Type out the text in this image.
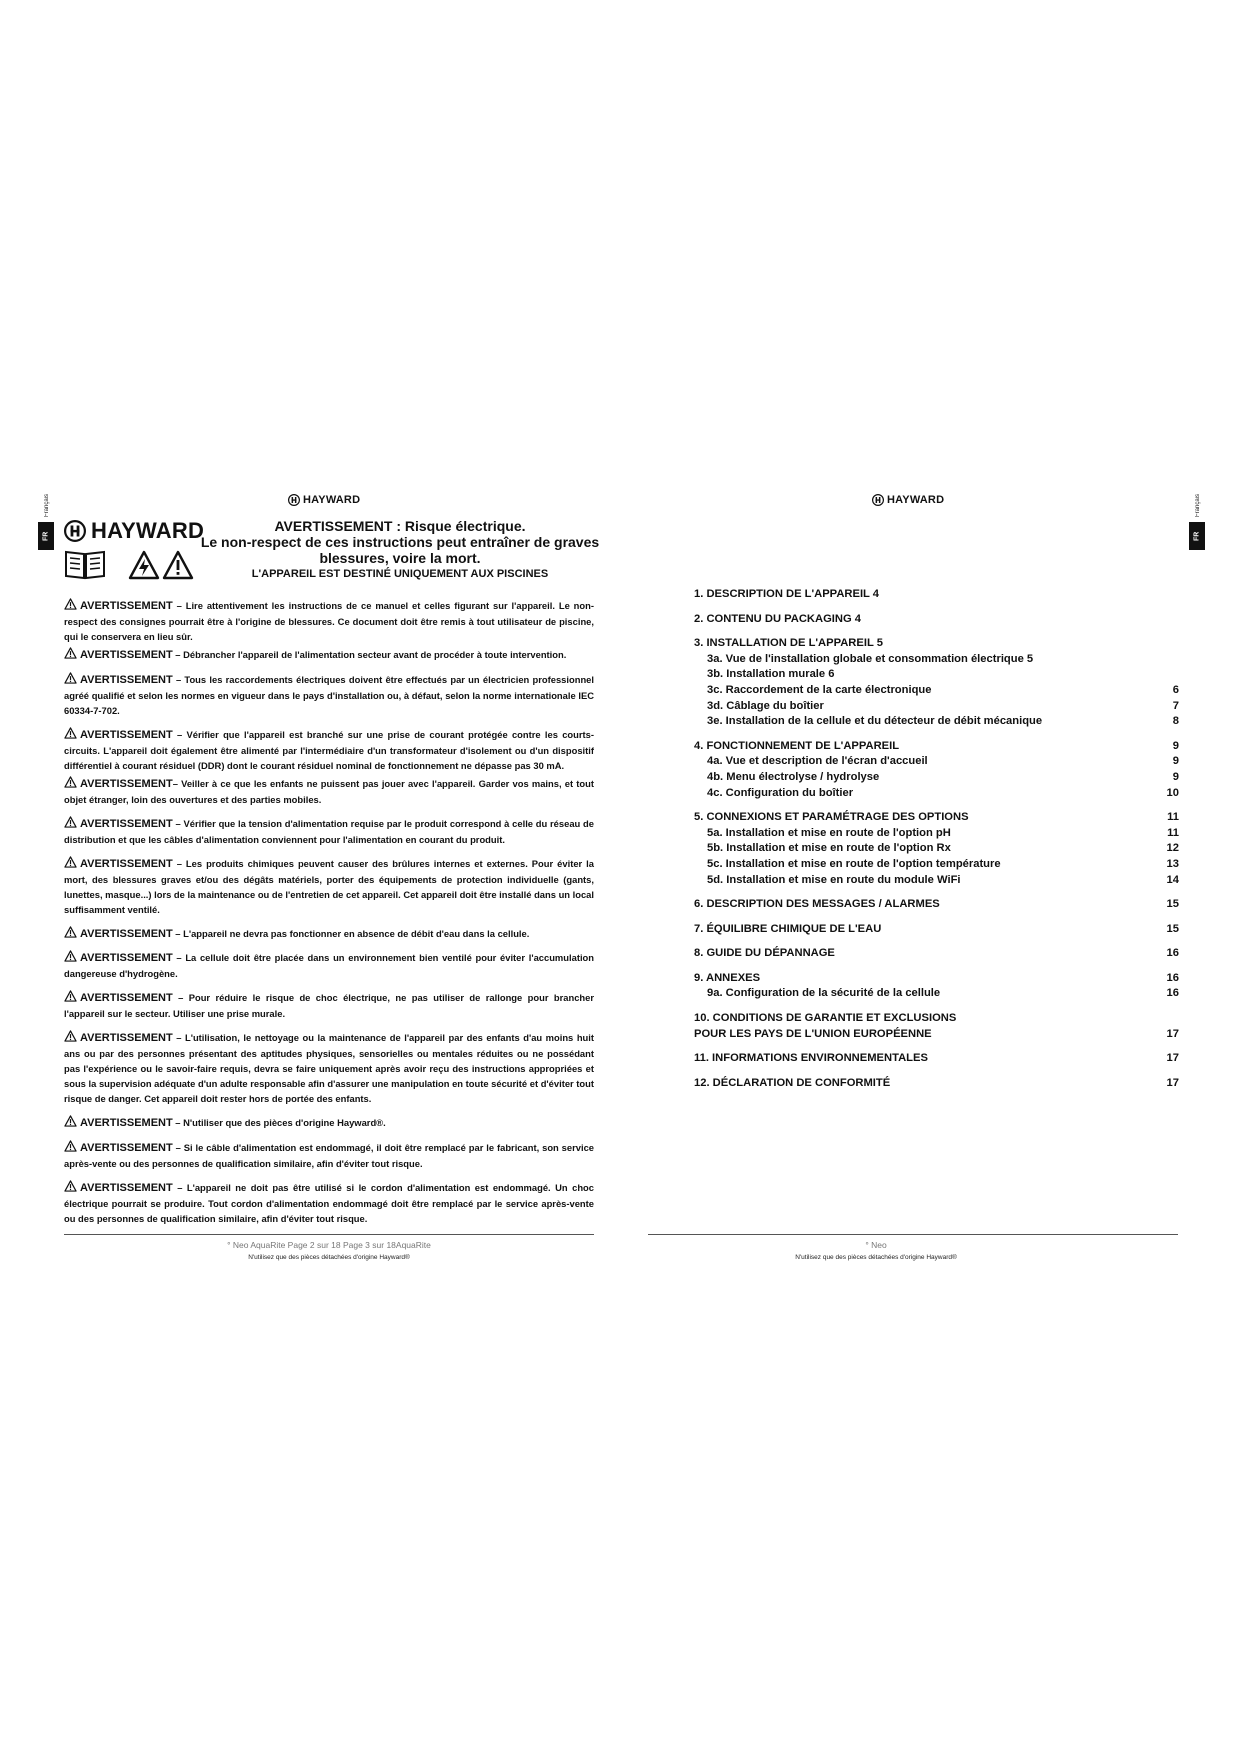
Français
FR
Français
FR
HAYWARD	HAYWARD
HAYWARD	AVERTISSEMENT : Risque électrique.
Le non-respect de ces instructions peut entraîner de graves
blessures, voire la mort.
L'APPAREIL EST DESTINÉ UNIQUEMENT AUX PISCINES

AVERTISSEMENT – Lire attentivement les instructions de ce manuel et celles figurant sur l'appareil. Le non-respect des consignes pourrait être à l'origine de blessures. Ce document doit être remis à tout utilisateur de piscine, qui le conservera en lieu sûr.

AVERTISSEMENT – Débrancher l'appareil de l'alimentation secteur avant de procéder à toute intervention.

AVERTISSEMENT – Tous les raccordements électriques doivent être effectués par un électricien professionnel agréé qualifié et selon les normes en vigueur dans le pays d'installation ou, à défaut, selon la norme internationale IEC 60334-7-702.

AVERTISSEMENT – Vérifier que l'appareil est branché sur une prise de courant protégée contre les courts-circuits. L'appareil doit également être alimenté par l'intermédiaire d'un transformateur d'isolement ou d'un dispositif différentiel à courant résiduel (DDR) dont le courant résiduel nominal de fonctionnement ne dépasse pas 30 mA.

AVERTISSEMENT– Veiller à ce que les enfants ne puissent pas jouer avec l'appareil. Garder vos mains, et tout objet étranger, loin des ouvertures et des parties mobiles.

AVERTISSEMENT – Vérifier que la tension d'alimentation requise par le produit correspond à celle du réseau de distribution et que les câbles d'alimentation conviennent pour l'alimentation en courant du produit.

AVERTISSEMENT – Les produits chimiques peuvent causer des brûlures internes et externes. Pour éviter la mort, des blessures graves et/ou des dégâts matériels, porter des équipements de protection individuelle (gants, lunettes, masque...) lors de la maintenance ou de l'entretien de cet appareil. Cet appareil doit être installé dans un local suffisamment ventilé.

AVERTISSEMENT – L'appareil ne devra pas fonctionner en absence de débit d'eau dans la cellule.

AVERTISSEMENT – La cellule doit être placée dans un environnement bien ventilé pour éviter l'accumulation dangereuse d'hydrogène.

AVERTISSEMENT – Pour réduire le risque de choc électrique, ne pas utiliser de rallonge pour brancher l'appareil sur le secteur. Utiliser une prise murale.

AVERTISSEMENT – L'utilisation, le nettoyage ou la maintenance de l'appareil par des enfants d'au moins huit ans ou par des personnes présentant des aptitudes physiques, sensorielles ou mentales réduites ou ne possédant pas l'expérience ou le savoir-faire requis, devra se faire uniquement après avoir reçu des instructions appropriées et sous la supervision adéquate d'un adulte responsable afin d'assurer une manipulation en toute sécurité et d'éviter tout risque de danger. Cet appareil doit rester hors de portée des enfants.

AVERTISSEMENT – N'utiliser que des pièces d'origine Hayward®.

AVERTISSEMENT – Si le câble d'alimentation est endommagé, il doit être remplacé par le fabricant, son service après-vente ou des personnes de qualification similaire, afin d'éviter tout risque.

AVERTISSEMENT – L'appareil ne doit pas être utilisé si le cordon d'alimentation est endommagé. Un choc électrique pourrait se produire. Tout cordon d'alimentation endommagé doit être remplacé par le service après-vente ou des personnes de qualification similaire, afin d'éviter tout risque.

° Neo AquaRite Page 2 sur 18 Page 3 sur 18AquaRite
N'utilisez que des pièces détachées d'origine Hayward®
1. DESCRIPTION DE L'APPAREIL 4
2. CONTENU DU PACKAGING 4
3. INSTALLATION DE L'APPAREIL 5
3a. Vue de l'installation globale et consommation électrique 5
3b. Installation murale 6
3c. Raccordement de la carte électronique	6
3d. Câblage du boîtier	7
3e. Installation de la cellule et du détecteur de débit mécanique	8
4. FONCTIONNEMENT DE L'APPAREIL	9
4a. Vue et description de l'écran d'accueil	9
4b. Menu électrolyse / hydrolyse	9
4c. Configuration du boîtier	10
5. CONNEXIONS ET PARAMÉTRAGE DES OPTIONS	11
5a. Installation et mise en route de l'option pH	11
5b. Installation et mise en route de l'option Rx	12
5c. Installation et mise en route de l'option température	13
5d. Installation et mise en route du module WiFi	14
6. DESCRIPTION DES MESSAGES / ALARMES	15
7. ÉQUILIBRE CHIMIQUE DE L'EAU	15
8. GUIDE DU DÉPANNAGE	16
9. ANNEXES	16
9a. Configuration de la sécurité de la cellule	16
10. CONDITIONS DE GARANTIE ET EXCLUSIONS
POUR LES PAYS DE L'UNION EUROPÉENNE	17
11. INFORMATIONS ENVIRONNEMENTALES	17
12. DÉCLARATION DE CONFORMITÉ	17
° Neo
N'utilisez que des pièces détachées d'origine Hayward®
